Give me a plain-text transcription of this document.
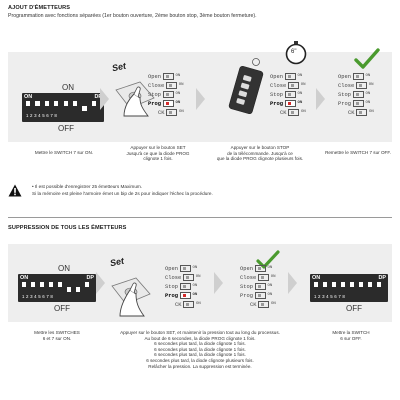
AJOUT D'ÉMETTEURS
Programmation avec fonctions séparées (1er bouton ouverture, 2ème bouton stop, 3ème bouton fermeture).
ON
ON	DP
1 2 3 4 5 6 7 8
OFF
Set
Open	ON
Close	ON
Stop	ON
Prog	ON
CK	ON
6"
Open	ON
Close	ON
Stop	ON
Prog	ON
CK	ON
Open	ON
Close	ON
Stop	ON
Prog	ON
CK	ON
Mettre le SWITCH 7 sur ON.
Appuyer sur le bouton SET
Jusqu'à ce que la diode PROG
clignote 1 fois.
Appuyer sur le bouton STOP
de la télécommande. Jusqu'à ce
que la diode PROG clignote plusieurs fois.
Remettre le SWITCH 7 sur OFF.
• Il est possible d'enregistrer 25 émetteurs Maximum.
Si la mémoire est pleine l'armoire émet un bip de 2s pour indiquer l'échec la procédure.
SUPPRESSION DE TOUS LES ÉMETTEURS
ON
ON	DP
1 2 3 4 5 6 7 8
OFF
Set
Open	ON
Close	ON
Stop	ON
Prog	ON
CK	ON
Open	ON
Close	ON
Stop	ON
Prog	ON
CK	ON
ON	DP
1 2 3 4 5 6 7 8
OFF
Mettre les SWITCHES
6 et 7 sur ON.
Appuyer sur le bouton SET, et maintenir la pression tout au long du processus.
Au bout de 6 secondes, la diode PROG clignote 1 fois.
6 secondes plus tard, la diode clignote 1 fois.
6 secondes plus tard, la diode clignote 1 fois.
6 secondes plus tard, la diode clignote 1 fois.
6 secondes plus tard, la diode clignote plusieurs fois.
Relâcher la pression. La suppression est terminée.
Mettre la SWITCH
6 sur OFF.
